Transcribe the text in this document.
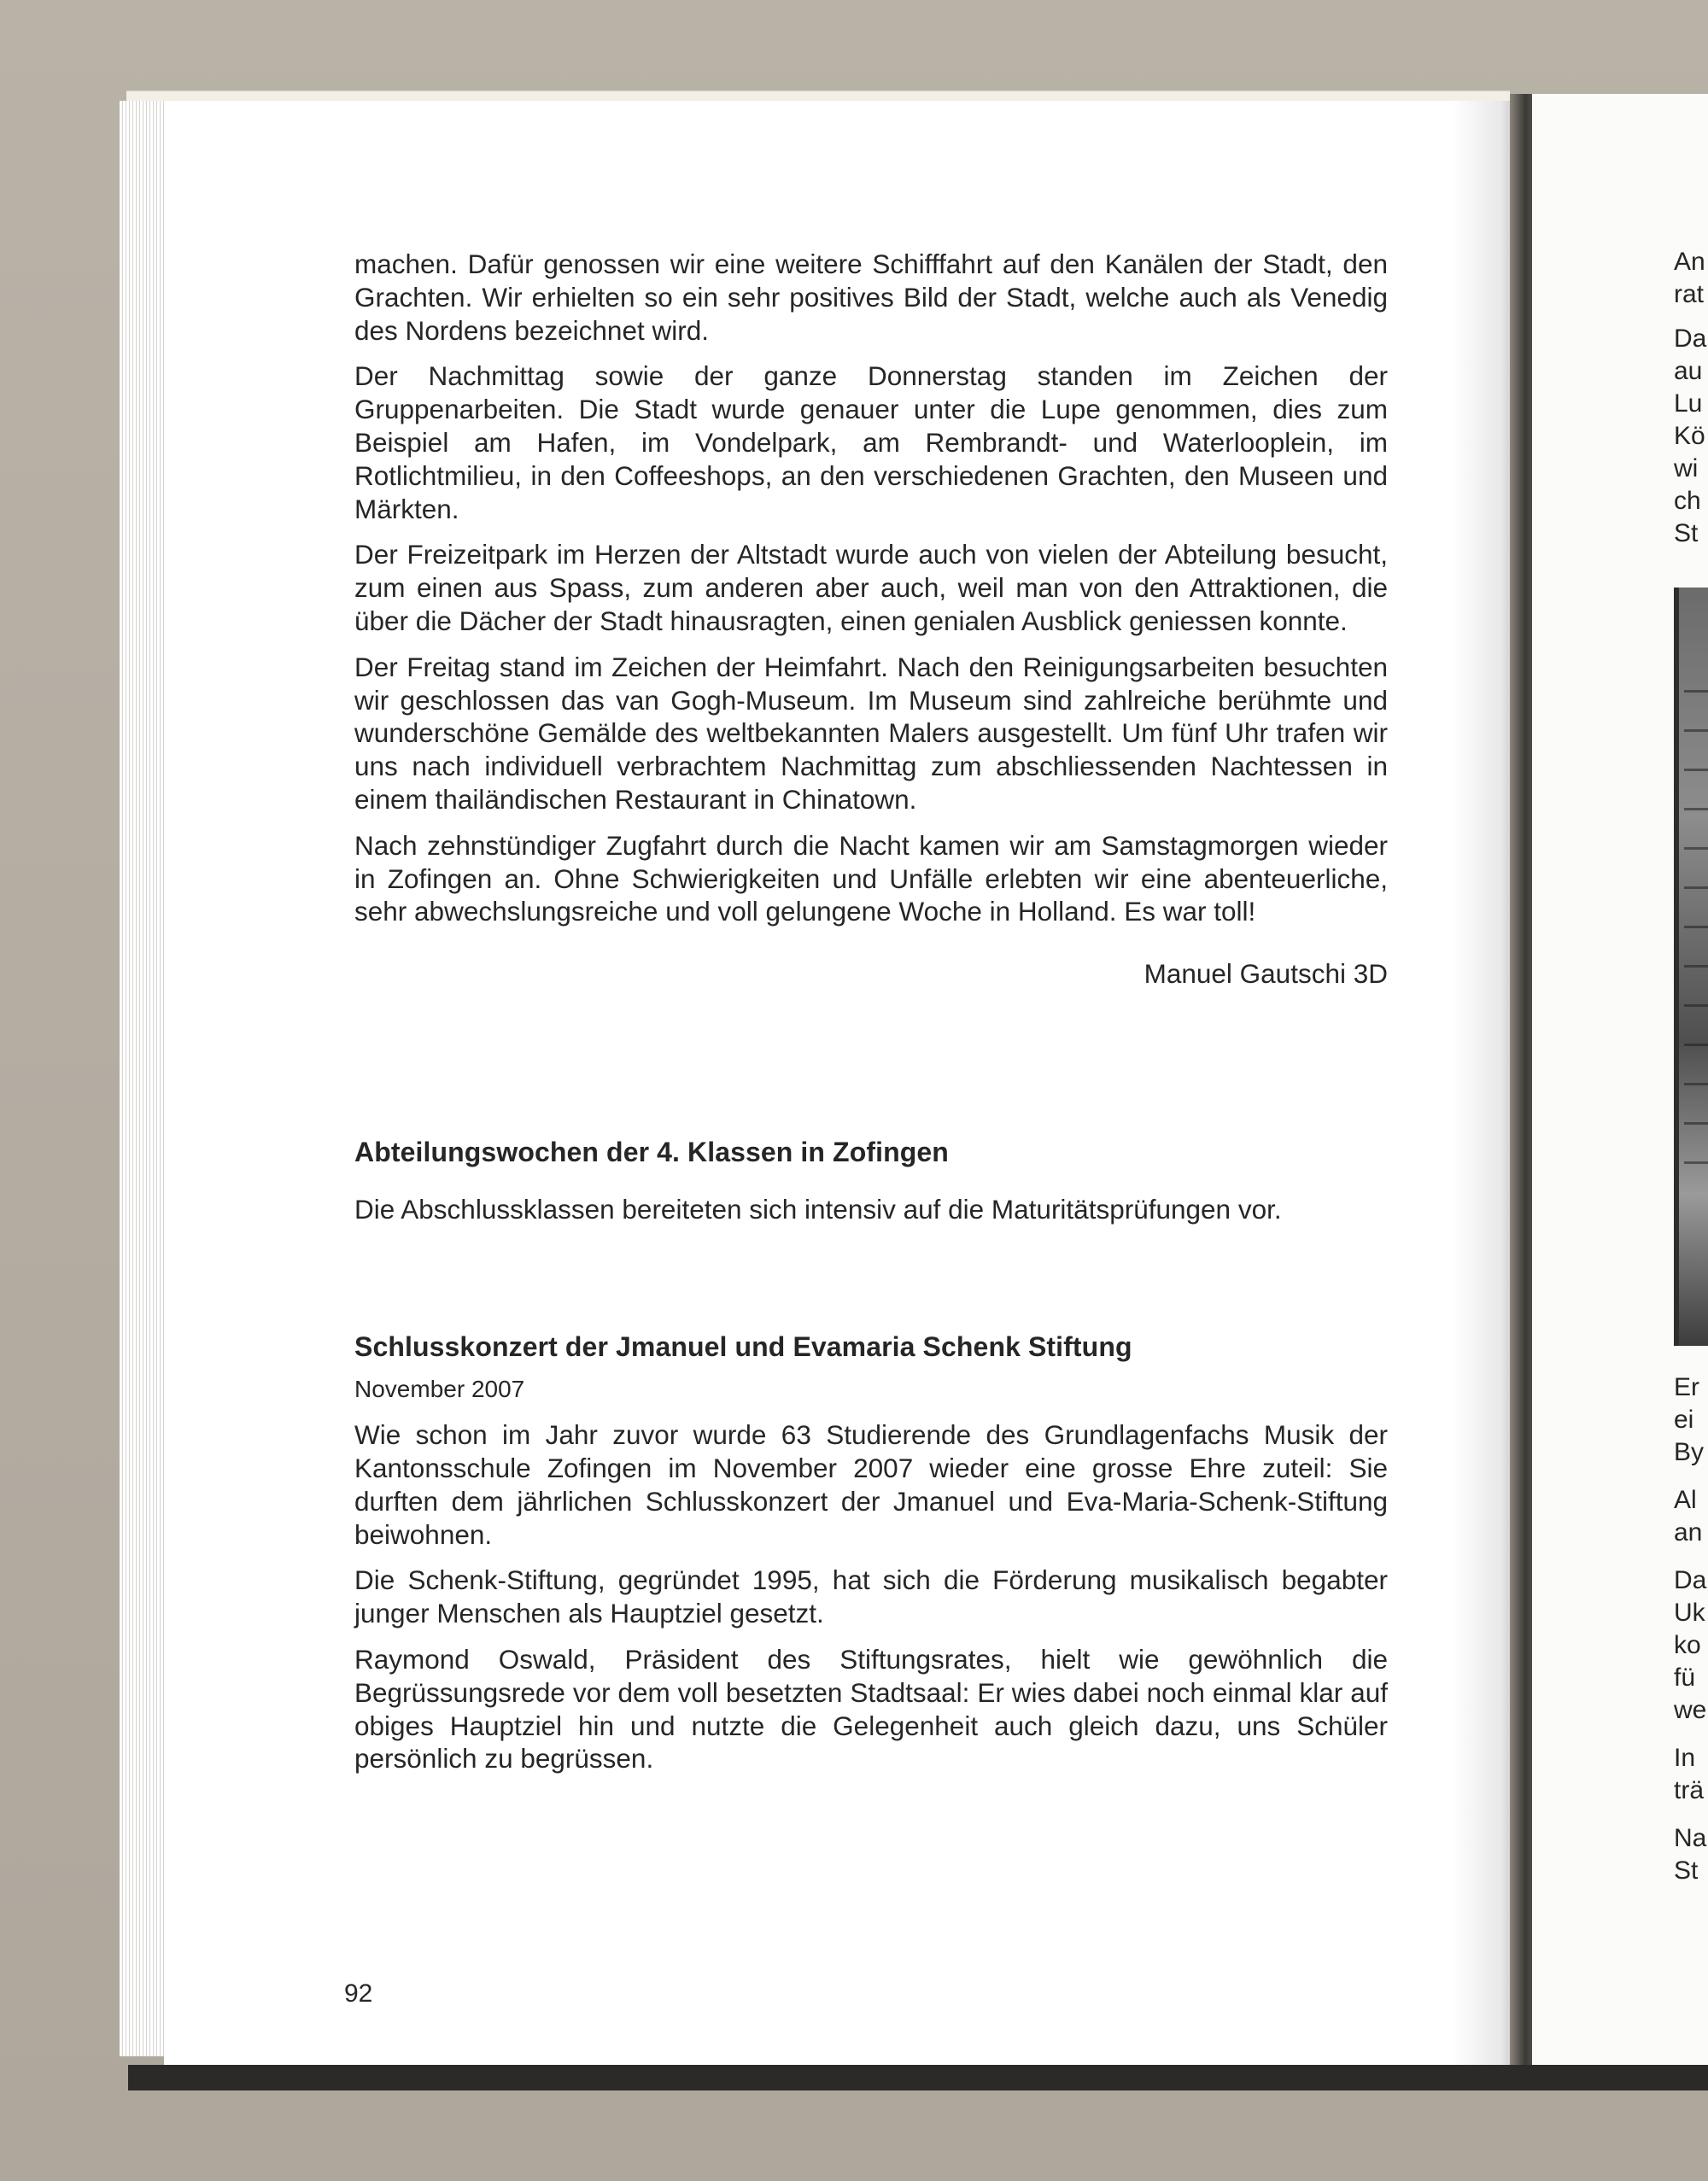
An
rat
Da
au
Lu
Kö
wi
ch
St
Er
ei
By
Al
an
Da
Uk
ko
fü
we
In
trä
Na
St

machen. Dafür genossen wir eine weitere Schifffahrt auf den Kanälen der Stadt, den Grachten. Wir erhielten so ein sehr positives Bild der Stadt, welche auch als Venedig des Nordens bezeichnet wird.

Der Nachmittag sowie der ganze Donnerstag standen im Zeichen der Gruppenarbeiten. Die Stadt wurde genauer unter die Lupe genommen, dies zum Beispiel am Hafen, im Vondelpark, am Rembrandt- und Waterlooplein, im Rotlichtmilieu, in den Coffeeshops, an den verschiedenen Grachten, den Museen und Märkten.

Der Freizeitpark im Herzen der Altstadt wurde auch von vielen der Abteilung besucht, zum einen aus Spass, zum anderen aber auch, weil man von den Attraktionen, die über die Dächer der Stadt hinausragten, einen genialen Ausblick geniessen konnte.

Der Freitag stand im Zeichen der Heimfahrt. Nach den Reinigungsarbeiten besuchten wir geschlossen das van Gogh-Museum. Im Museum sind zahlreiche berühmte und wunderschöne Gemälde des weltbekannten Malers ausgestellt. Um fünf Uhr trafen wir uns nach individuell verbrachtem Nachmittag zum abschliessenden Nachtessen in einem thailändischen Restaurant in Chinatown.

Nach zehnstündiger Zugfahrt durch die Nacht kamen wir am Samstagmorgen wieder in Zofingen an. Ohne Schwierigkeiten und Unfälle erlebten wir eine abenteuerliche, sehr abwechslungsreiche und voll gelungene Woche in Holland. Es war toll!

Manuel Gautschi 3D

Abteilungswochen der 4. Klassen in Zofingen

Die Abschlussklassen bereiteten sich intensiv auf die Maturitätsprüfungen vor.

Schlusskonzert der Jmanuel und Evamaria Schenk Stiftung

November 2007

Wie schon im Jahr zuvor wurde 63 Studierende des Grundlagenfachs Musik der Kantonsschule Zofingen im November 2007 wieder eine grosse Ehre zuteil: Sie durften dem jährlichen Schlusskonzert der Jmanuel und Eva-Maria-Schenk-Stiftung beiwohnen.

Die Schenk-Stiftung, gegründet 1995, hat sich die Förderung musikalisch begabter junger Menschen als Hauptziel gesetzt.

Raymond Oswald, Präsident des Stiftungsrates, hielt wie gewöhnlich die Begrüssungsrede vor dem voll besetzten Stadtsaal: Er wies dabei noch einmal klar auf obiges Hauptziel hin und nutzte die Gelegenheit auch gleich dazu, uns Schüler persönlich zu begrüssen.

92
